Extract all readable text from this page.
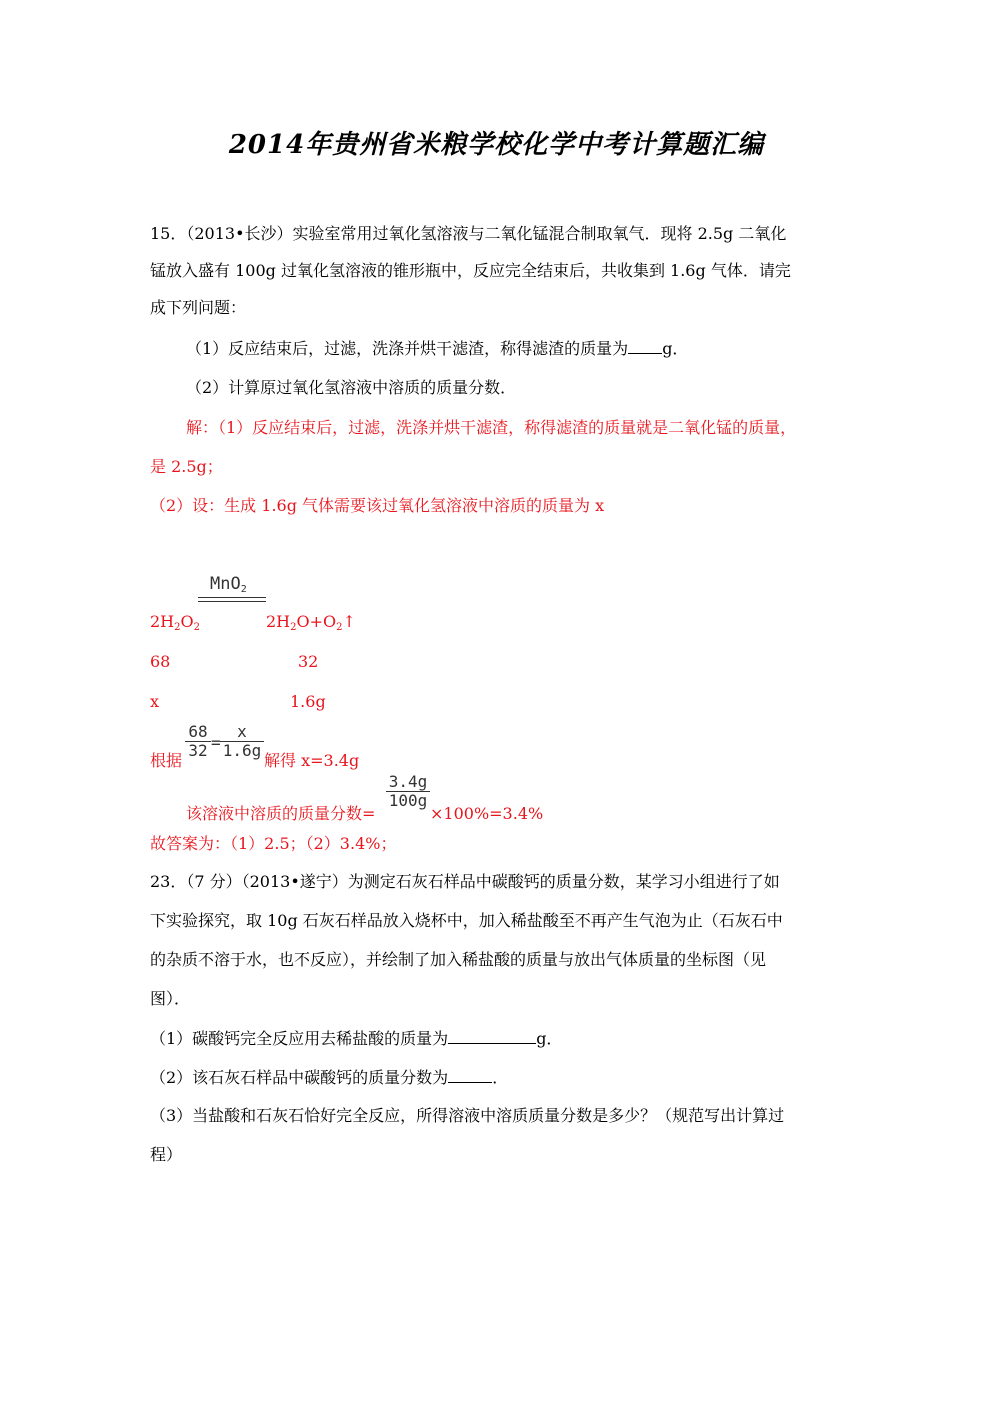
2014年贵州省米粮学校化学中考计算题汇编
15．（2013•长沙）实验室常用过氧化氢溶液与二氧化锰混合制取氧气．现将 2.5g 二氧化
锰放入盛有 100g 过氧化氢溶液的锥形瓶中，反应完全结束后，共收集到 1.6g 气体．请完
成下列问题：
（1）反应结束后，过滤，洗涤并烘干滤渣，称得滤渣的质量为 g．
（2）计算原过氧化氢溶液中溶质的质量分数．
解：（1）反应结束后，过滤，洗涤并烘干滤渣，称得滤渣的质量就是二氧化锰的质量，
是 2.5g；
（2）设：生成 1.6g 气体需要该过氧化氢溶液中溶质的质量为 x
MnO$_2$
$2H_2O_2$	$2H_2O+O_2↑$
68	32
x	1.6g
根据
68
32 =
x
1.6g
解得 x=3.4g
该溶液中溶质的质量分数=
3.4g
100g
×100%=3.4%
故答案为：（1）2.5；（2）3.4%；
23．（7 分）（2013•遂宁）为测定石灰石样品中碳酸钙的质量分数，某学习小组进行了如
下实验探究，取 10g 石灰石样品放入烧杯中，加入稀盐酸至不再产生气泡为止（石灰石中
的杂质不溶于水，也不反应），并绘制了加入稀盐酸的质量与放出气体质量的坐标图（见
图）．
（1）碳酸钙完全反应用去稀盐酸的质量为	g．
（2）该石灰石样品中碳酸钙的质量分数为	．
（3）当盐酸和石灰石恰好完全反应，所得溶液中溶质质量分数是多少？（规范写出计算过
程）
